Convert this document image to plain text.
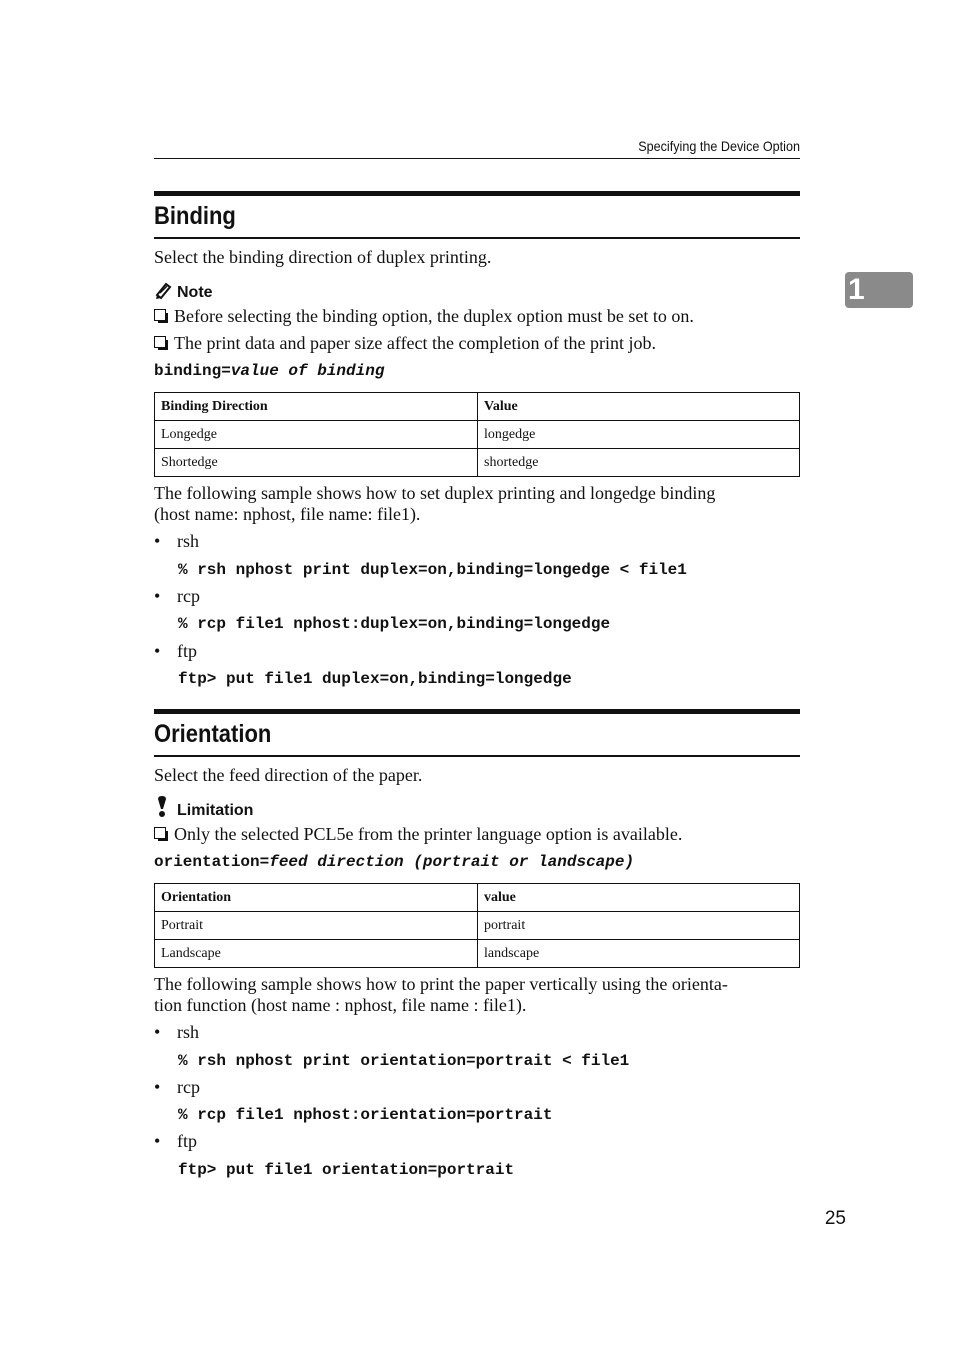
Specifying the Device Option
1
Binding
Select the binding direction of duplex printing.
Note
Before selecting the binding option, the duplex option must be set to on.
The print data and paper size affect the completion of the print job.
binding=value of binding
Binding Direction	Value
Longedge	longedge
Shortedge	shortedge
The following sample shows how to set duplex printing and longedge binding
(host name: nphost, file name: file1).
• rsh
% rsh nphost print duplex=on,binding=longedge < file1
• rcp
% rcp file1 nphost:duplex=on,binding=longedge
• ftp
ftp> put file1 duplex=on,binding=longedge
Orientation
Select the feed direction of the paper.
Limitation
Only the selected PCL5e from the printer language option is available.
orientation=feed direction (portrait or landscape)
Orientation	value
Portrait	portrait
Landscape	landscape
The following sample shows how to print the paper vertically using the orienta-
tion function (host name : nphost, file name : file1).
• rsh
% rsh nphost print orientation=portrait < file1
• rcp
% rcp file1 nphost:orientation=portrait
• ftp
ftp> put file1 orientation=portrait
25
